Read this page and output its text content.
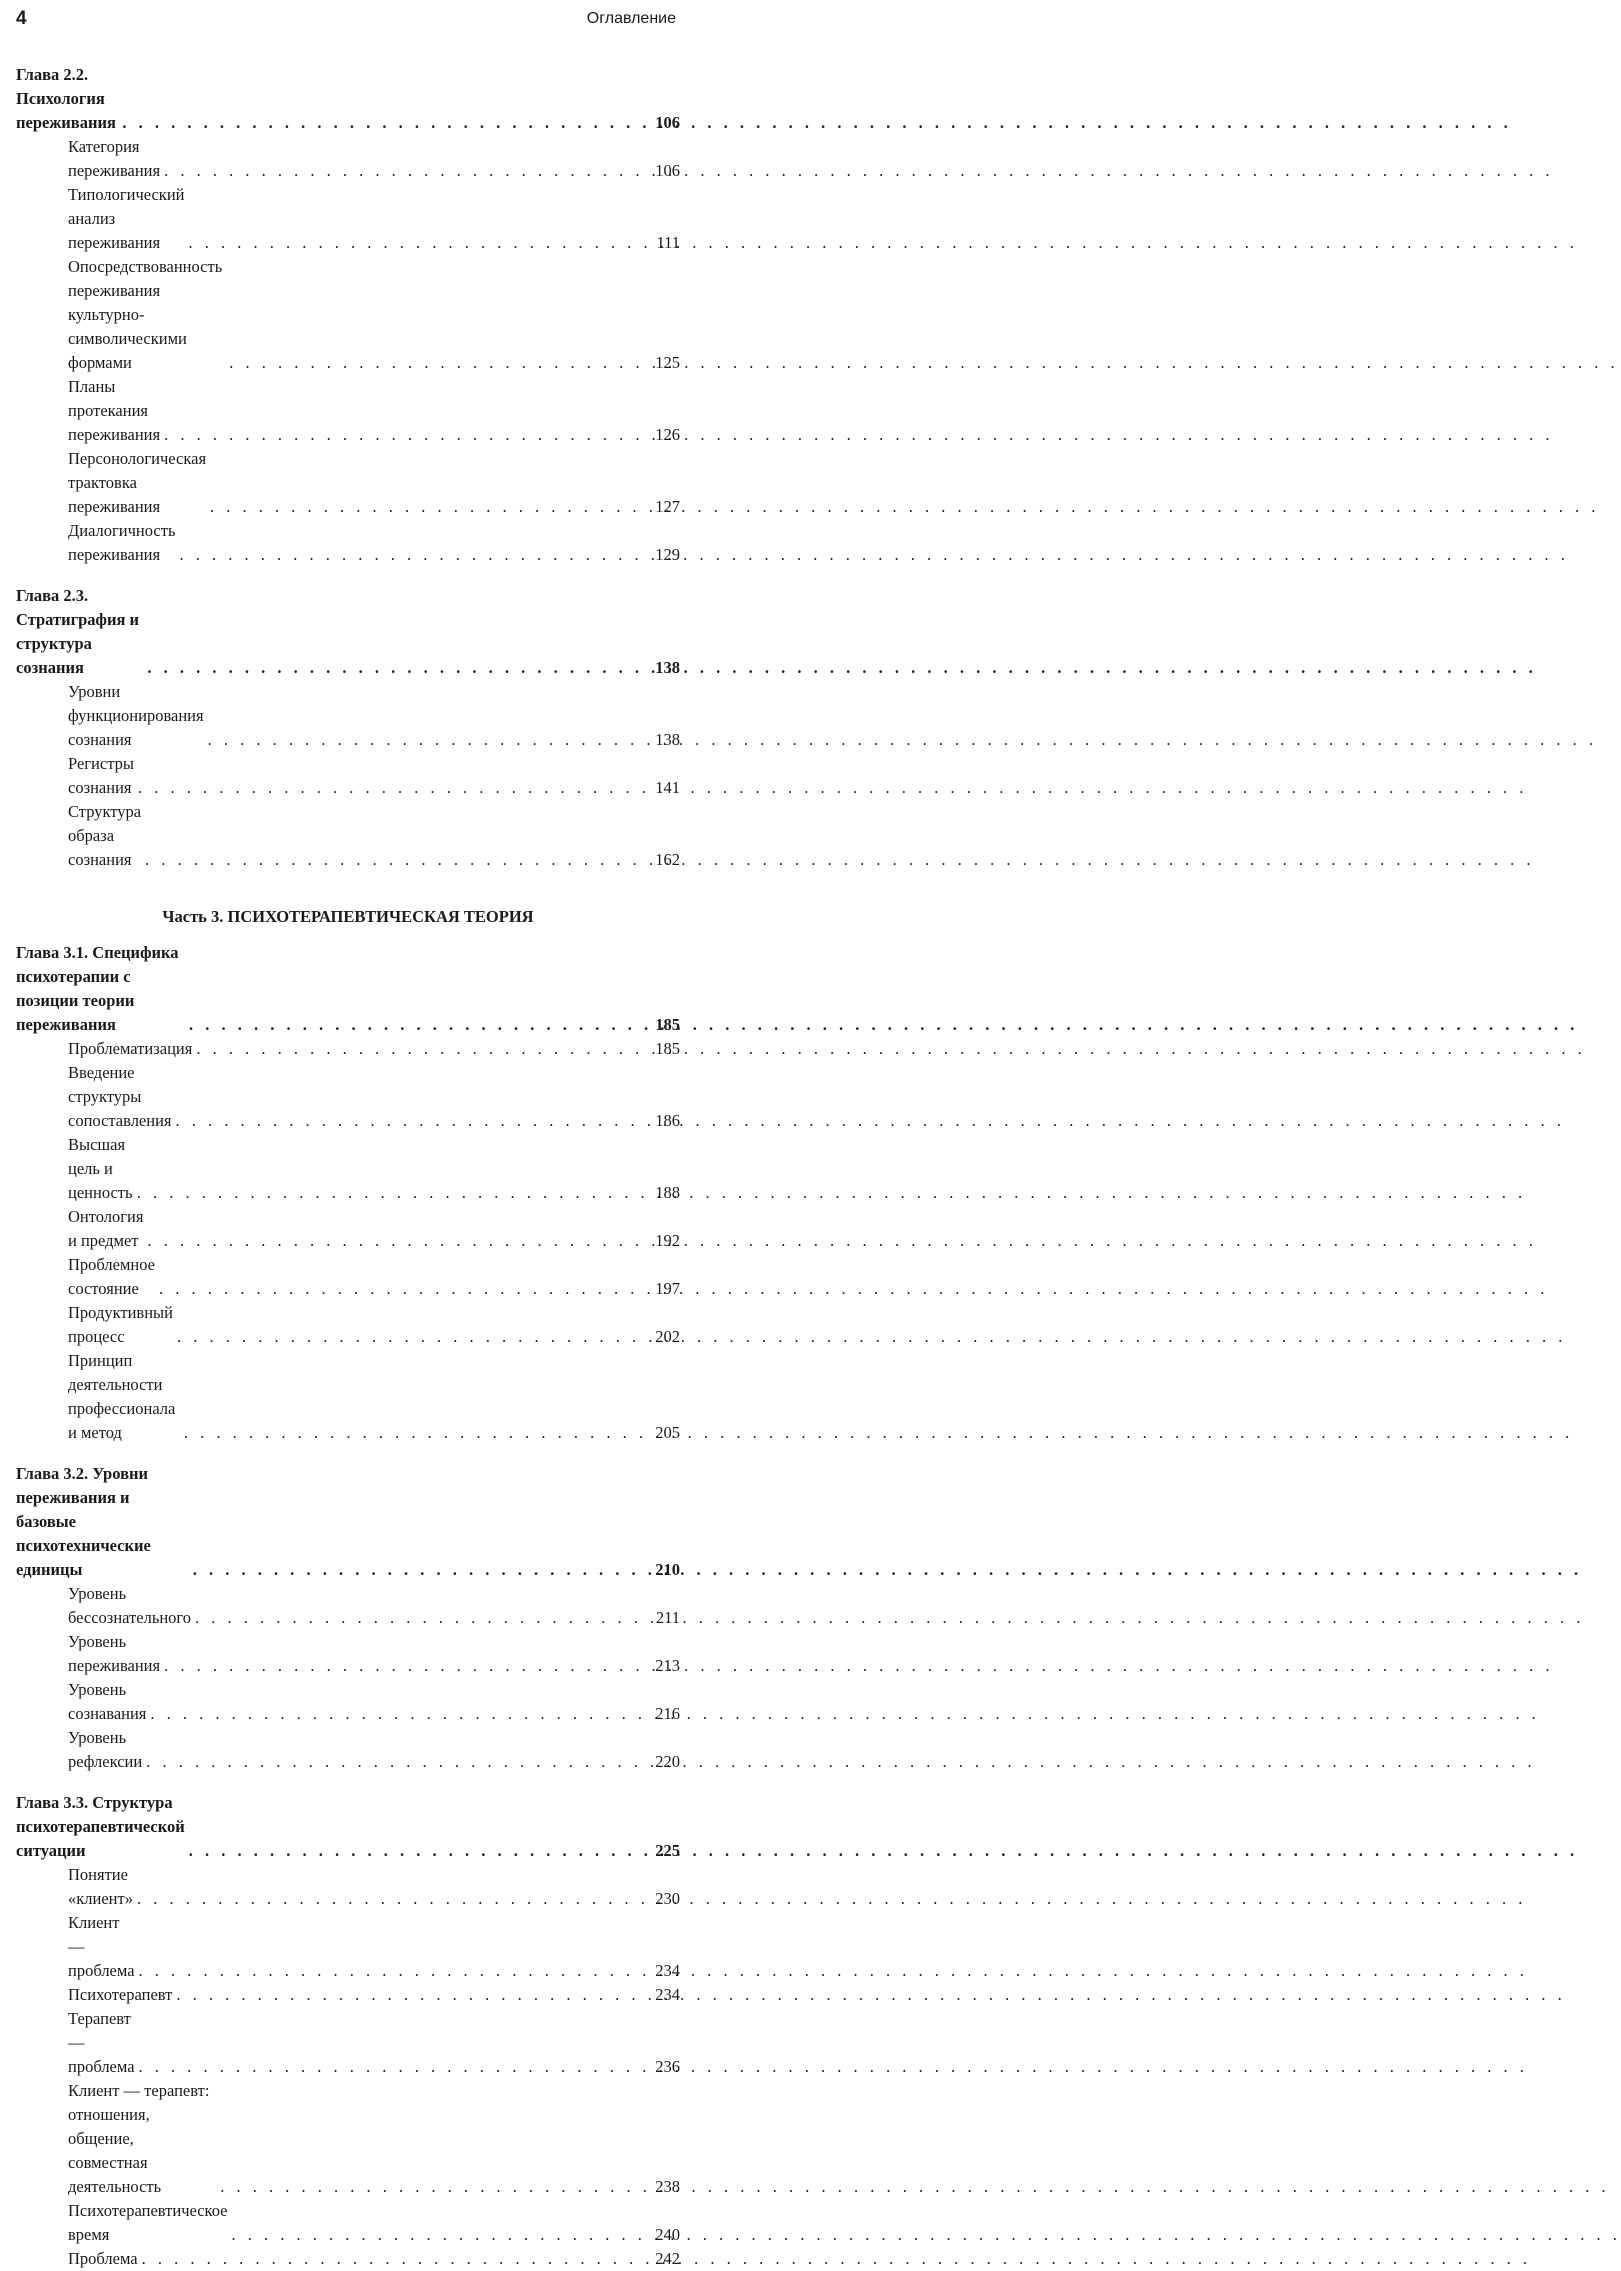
4	Оглавление
Глава 2.2. Психология переживания . . .	106
Категория переживания . . .	106
Типологический анализ переживания . . .	111
Опосредствованность переживания культурно-символическими формами . . .	125
Планы протекания переживания . . .	126
Персонологическая трактовка переживания . . .	127
Диалогичность переживания . . .	129
Глава 2.3. Стратиграфия и структура сознания . . .	138
Уровни функционирования сознания . . .	138
Регистры сознания . . .	141
Структура образа сознания . . .	162
Часть 3. ПСИХОТЕРАПЕВТИЧЕСКАЯ ТЕОРИЯ
Глава 3.1. Специфика психотерапии с позиции теории переживания . . .	185
Проблематизация . . .	185
Введение структуры сопоставления . . .	186
Высшая цель и ценность . . .	188
Онтология и предмет . . .	192
Проблемное состояние . . .	197
Продуктивный процесс . . .	202
Принцип деятельности профессионала и метод . . .	205
Глава 3.2. Уровни переживания и базовые психотехнические единицы . . .	210
Уровень бессознательного . . .	211
Уровень переживания . . .	213
Уровень сознавания . . .	216
Уровень рефлексии . . .	220
Глава 3.3. Структура психотерапевтической ситуации . . .	225
Понятие «клиент» . . .	230
Клиент — проблема . . .	234
Психотерапевт . . .	234
Терапевт — проблема . . .	236
Клиент — терапевт: отношения, общение, совместная деятельность . . .	238
Психотерапевтическое время . . .	240
Проблема . . .	242
